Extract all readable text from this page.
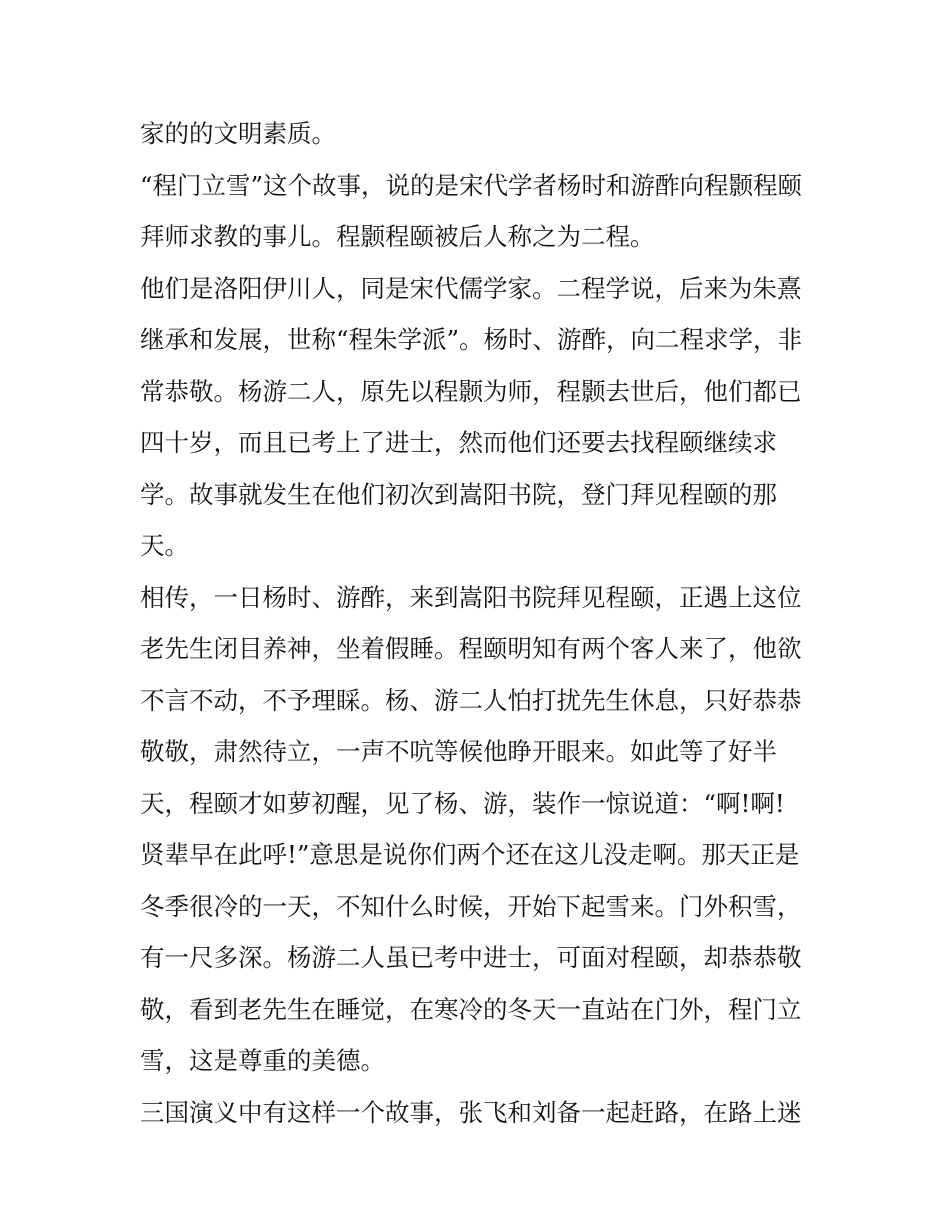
家的的文明素质。
“程门立雪”这个故事，说的是宋代学者杨时和游酢向程颢程颐
拜师求教的事儿。程颢程颐被后人称之为二程。
他们是洛阳伊川人，同是宋代儒学家。二程学说，后来为朱熹
继承和发展，世称“程朱学派”。杨时、游酢，向二程求学，非
常恭敬。杨游二人，原先以程颢为师，程颢去世后，他们都已
四十岁，而且已考上了进士，然而他们还要去找程颐继续求
学。故事就发生在他们初次到嵩阳书院，登门拜见程颐的那
天。
相传，一日杨时、游酢，来到嵩阳书院拜见程颐，正遇上这位
老先生闭目养神，坐着假睡。程颐明知有两个客人来了，他欲
不言不动，不予理睬。杨、游二人怕打扰先生休息，只好恭恭
敬敬，肃然待立，一声不吭等候他睁开眼来。如此等了好半
天，程颐才如萝初醒，见了杨、游，装作一惊说道：“啊!啊!
贤辈早在此呼!”意思是说你们两个还在这儿没走啊。那天正是
冬季很冷的一天，不知什么时候，开始下起雪来。门外积雪，
有一尺多深。杨游二人虽已考中进士，可面对程颐，却恭恭敬
敬，看到老先生在睡觉，在寒冷的冬天一直站在门外，程门立
雪，这是尊重的美德。
三国演义中有这样一个故事，张飞和刘备一起赶路，在路上迷
